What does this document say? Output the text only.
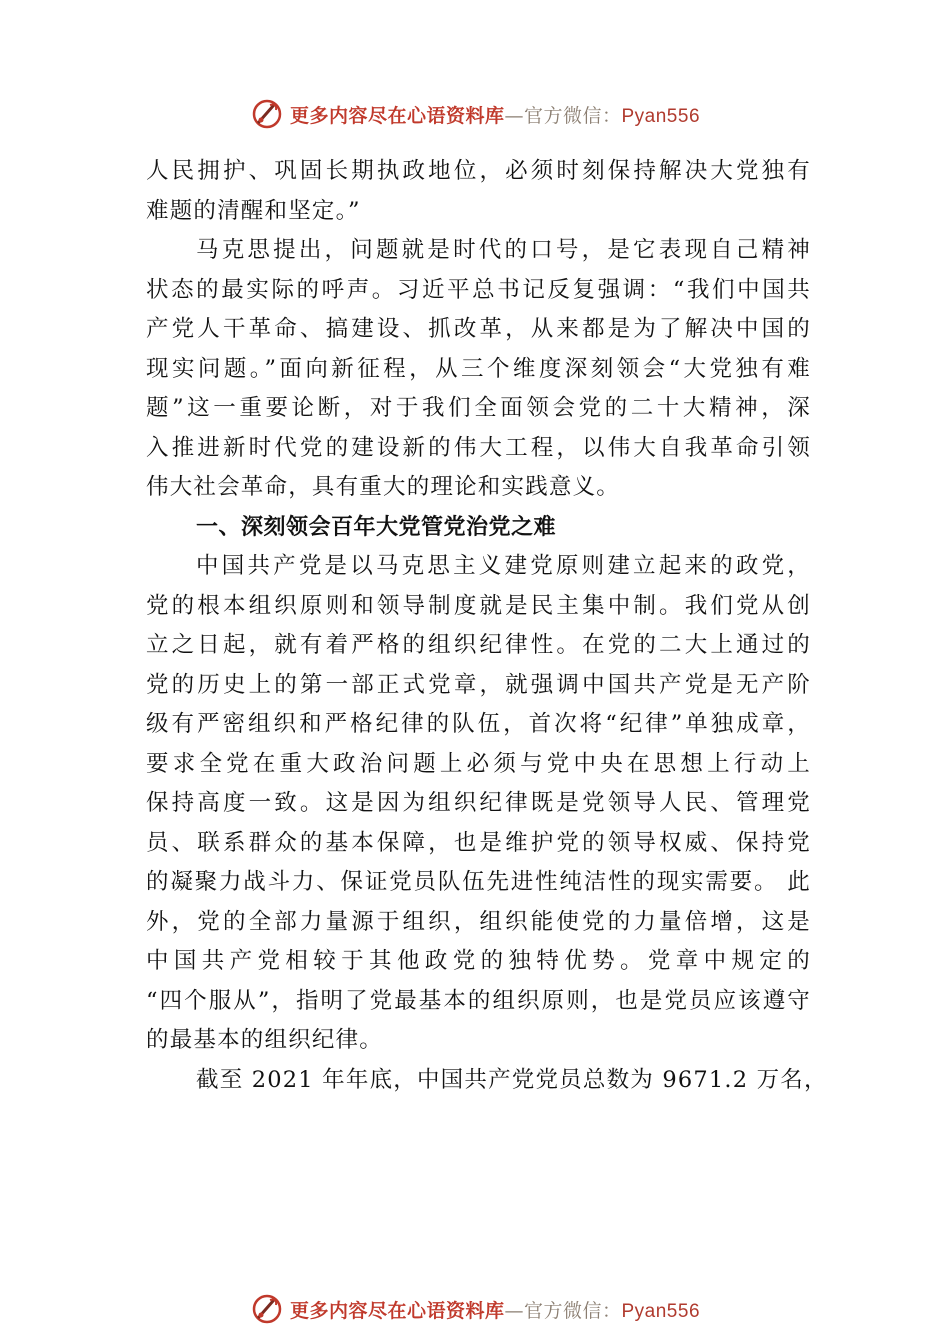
更多内容尽在心语资料库—官方微信：Pyan556
人民拥护、巩固长期执政地位，必须时刻保持解决大党独有
难题的清醒和坚定。”
马克思提出，问题就是时代的口号，是它表现自己精神
状态的最实际的呼声。习近平总书记反复强调：“我们中国共
产党人干革命、搞建设、抓改革，从来都是为了解决中国的
现实问题。”面向新征程，从三个维度深刻领会“大党独有难
题”这一重要论断，对于我们全面领会党的二十大精神，深
入推进新时代党的建设新的伟大工程，以伟大自我革命引领
伟大社会革命，具有重大的理论和实践意义。
一、深刻领会百年大党管党治党之难
中国共产党是以马克思主义建党原则建立起来的政党，
党的根本组织原则和领导制度就是民主集中制。我们党从创
立之日起，就有着严格的组织纪律性。在党的二大上通过的
党的历史上的第一部正式党章，就强调中国共产党是无产阶
级有严密组织和严格纪律的队伍，首次将“纪律”单独成章，
要求全党在重大政治问题上必须与党中央在思想上行动上
保持高度一致。这是因为组织纪律既是党领导人民、管理党
员、联系群众的基本保障，也是维护党的领导权威、保持党
的凝聚力战斗力、保证党员队伍先进性纯洁性的现实需要。 此
外，党的全部力量源于组织，组织能使党的力量倍增，这是
中国共产党相较于其他政党的独特优势。党章中规定的
“四个服从”，指明了党最基本的组织原则，也是党员应该遵守
的最基本的组织纪律。
截至 2021 年年底，中国共产党党员总数为 9671.2 万名，
更多内容尽在心语资料库—官方微信：Pyan556
